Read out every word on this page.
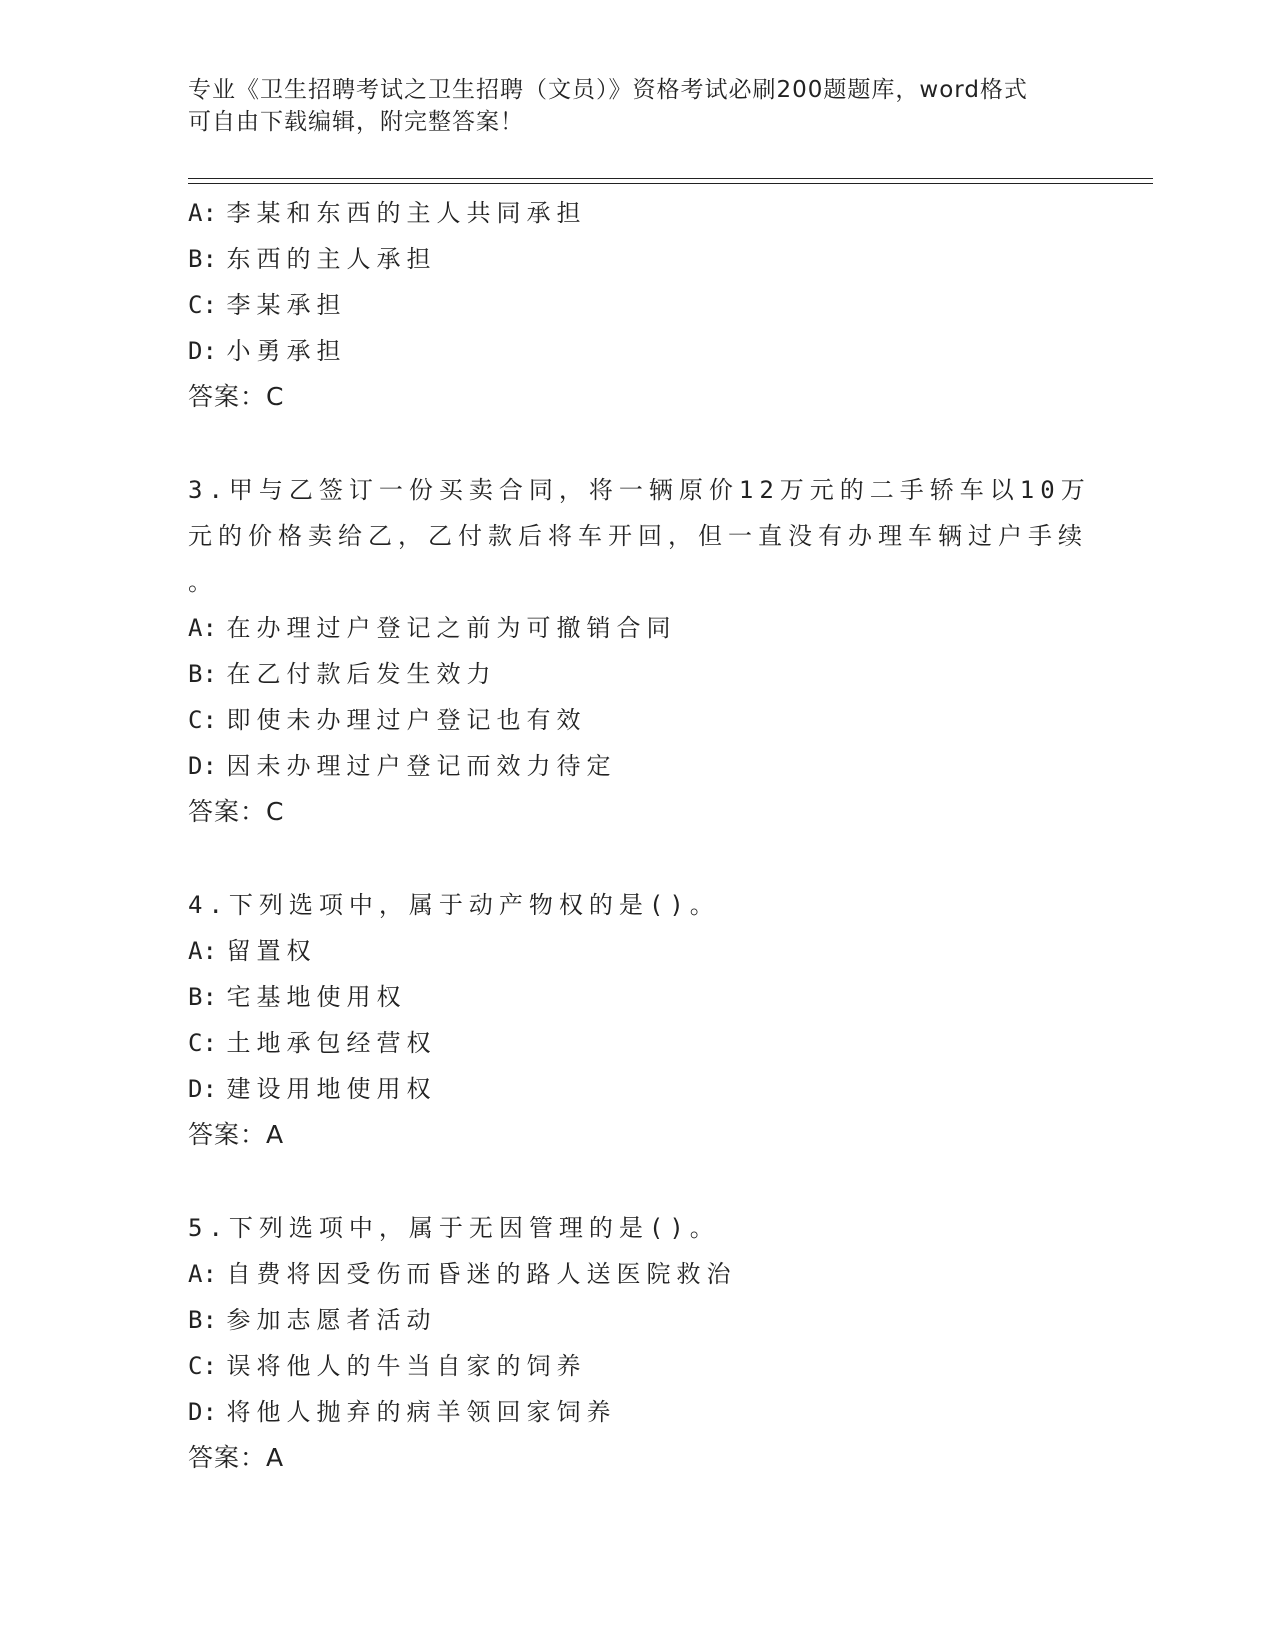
专业《卫生招聘考试之卫生招聘（文员）》资格考试必刷200题题库，word格式
可自由下载编辑，附完整答案！
A: 李某和东西的主人共同承担
B: 东西的主人承担
C: 李某承担
D: 小勇承担
答案：C
3.甲与乙签订一份买卖合同，将一辆原价12万元的二手轿车以10万
元的价格卖给乙，乙付款后将车开回，但一直没有办理车辆过户手续
。
A: 在办理过户登记之前为可撤销合同
B: 在乙付款后发生效力
C: 即使未办理过户登记也有效
D: 因未办理过户登记而效力待定
答案：C
4.下列选项中，属于动产物权的是()。
A: 留置权
B: 宅基地使用权
C: 土地承包经营权
D: 建设用地使用权
答案：A
5.下列选项中，属于无因管理的是()。
A: 自费将因受伤而昏迷的路人送医院救治
B: 参加志愿者活动
C: 误将他人的牛当自家的饲养
D: 将他人抛弃的病羊领回家饲养
答案：A
